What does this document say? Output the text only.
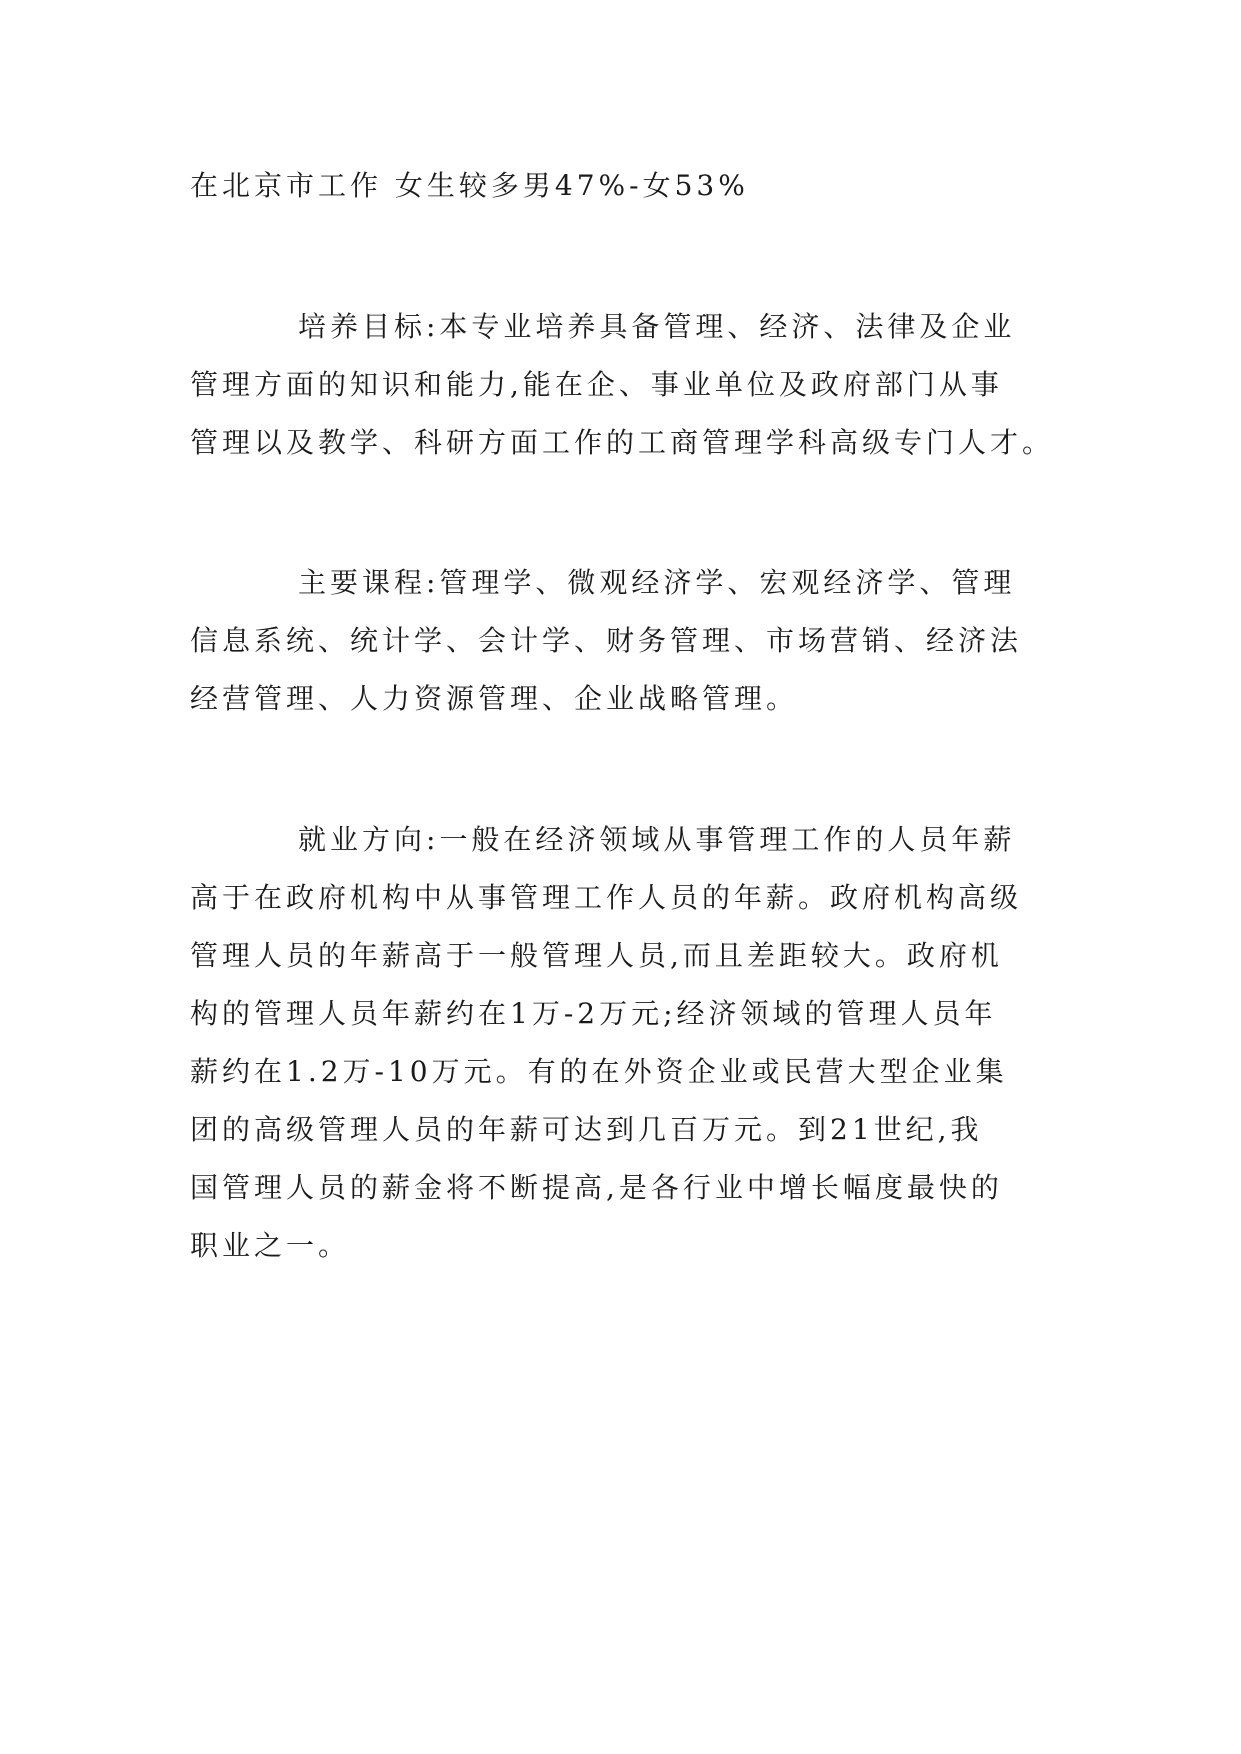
在北京市工作 女生较多男47%-女53%
培养目标:本专业培养具备管理、经济、法律及企业
管理方面的知识和能力,能在企、事业单位及政府部门从事
管理以及教学、科研方面工作的工商管理学科高级专门人才。
主要课程:管理学、微观经济学、宏观经济学、管理
信息系统、统计学、会计学、财务管理、市场营销、经济法
经营管理、人力资源管理、企业战略管理。
就业方向:一般在经济领域从事管理工作的人员年薪
高于在政府机构中从事管理工作人员的年薪。政府机构高级
管理人员的年薪高于一般管理人员,而且差距较大。政府机
构的管理人员年薪约在1万-2万元;经济领域的管理人员年
薪约在1.2万-10万元。有的在外资企业或民营大型企业集
团的高级管理人员的年薪可达到几百万元。到21世纪,我
国管理人员的薪金将不断提高,是各行业中增长幅度最快的
职业之一。
